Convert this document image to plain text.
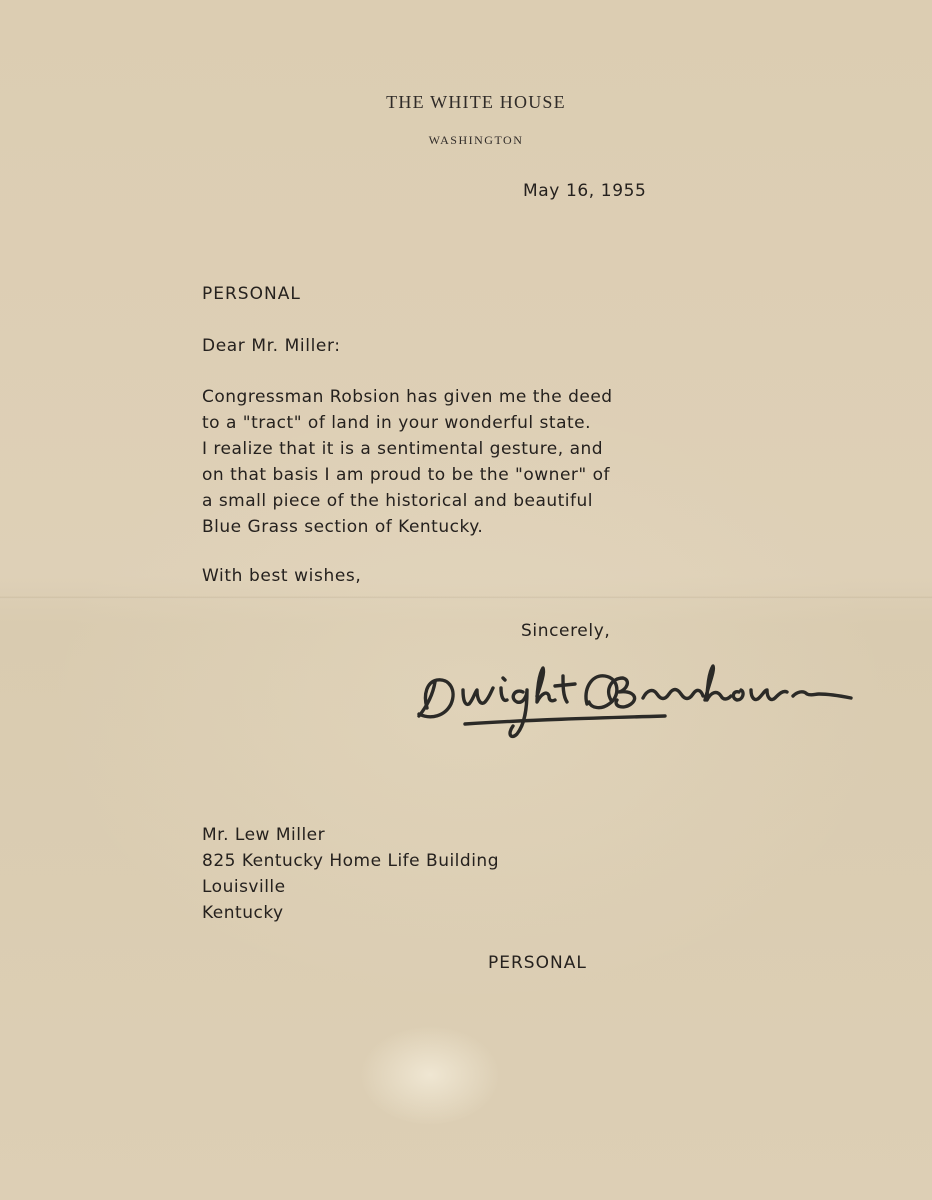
THE WHITE HOUSE
WASHINGTON
May 16, 1955
PERSONAL
Dear Mr. Miller:
Congressman Robsion has given me the deed
to a "tract" of land in your wonderful state.
I realize that it is a sentimental gesture, and
on that basis I am proud to be the "owner" of
a small piece of the historical and beautiful
Blue Grass section of Kentucky.
With best wishes,
Sincerely,
Mr. Lew Miller
825 Kentucky Home Life Building
Louisville
Kentucky
PERSONAL
